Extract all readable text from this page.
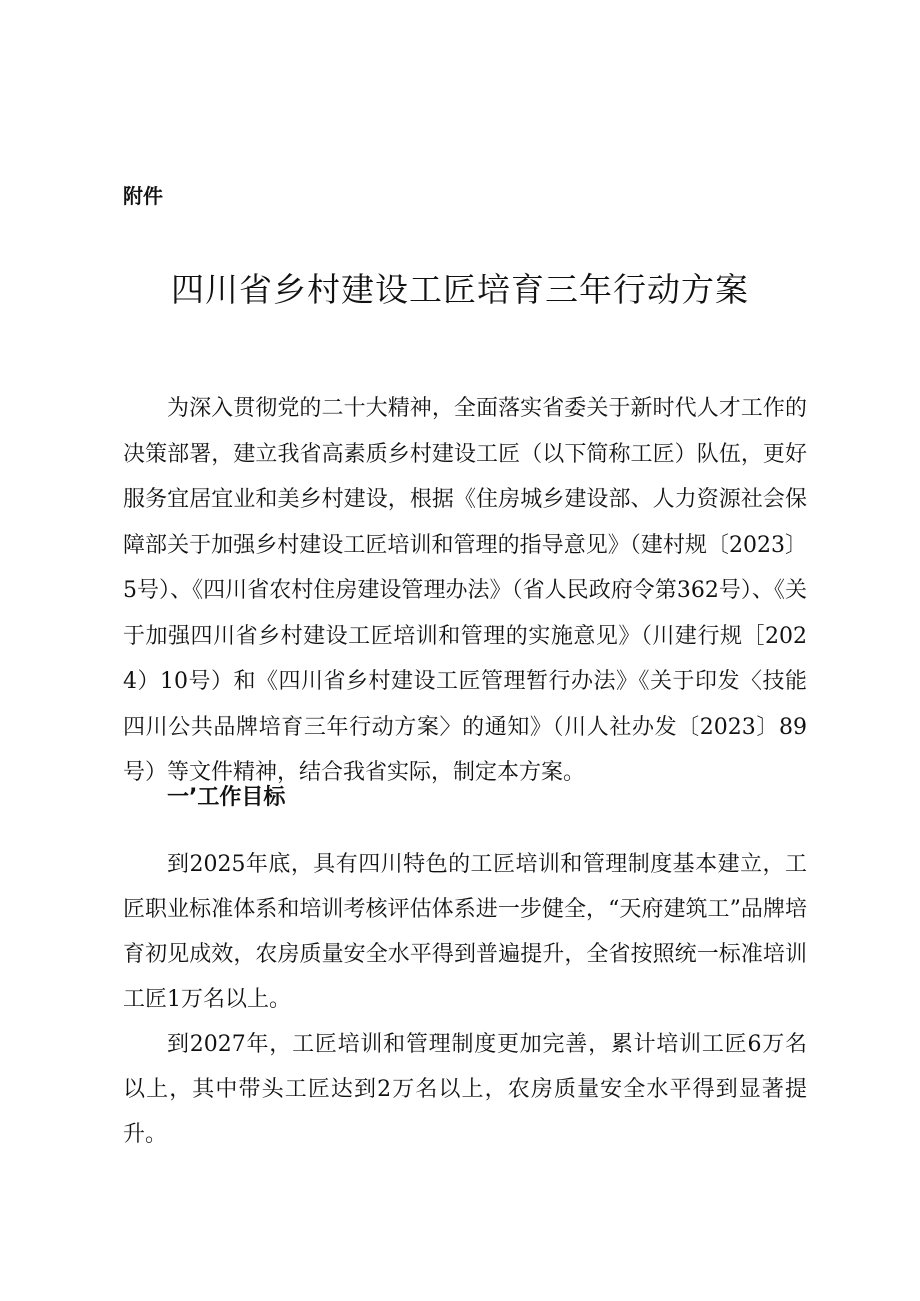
附件
四川省乡村建设工匠培育三年行动方案

为深入贯彻党的二十大精神，全面落实省委关于新时代人才工作的决策部署，建立我省高素质乡村建设工匠（以下简称工匠）队伍，更好服务宜居宜业和美乡村建设，根据《住房城乡建设部、人力资源社会保障部关于加强乡村建设工匠培训和管理的指导意见》（建村规〔2023〕5号）、《四川省农村住房建设管理办法》（省人民政府令第362号）、《关于加强四川省乡村建设工匠培训和管理的实施意见》（川建行规［2024）10号）和《四川省乡村建设工匠管理暂行办法》《关于印发〈技能四川公共品牌培育三年行动方案〉的通知》（川人社办发〔2023〕89号）等文件精神，结合我省实际，制定本方案。

一’工作目标

到2025年底，具有四川特色的工匠培训和管理制度基本建立，工匠职业标准体系和培训考核评估体系进一步健全，“天府建筑工”品牌培育初见成效，农房质量安全水平得到普遍提升，全省按照统一标准培训工匠1万名以上。

到2027年，工匠培训和管理制度更加完善，累计培训工匠6万名以上，其中带头工匠达到2万名以上，农房质量安全水平得到显著提升。
